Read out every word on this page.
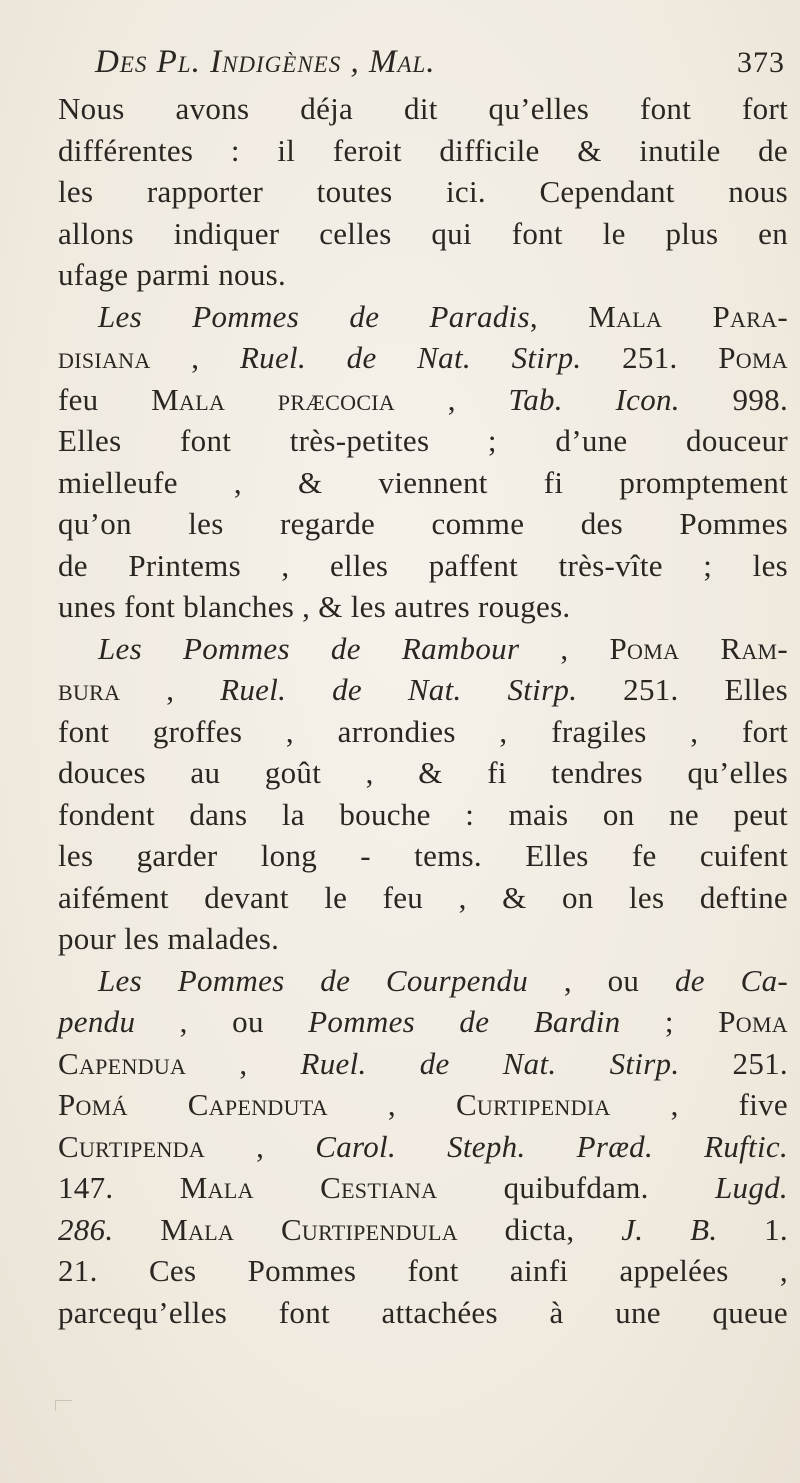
Des Pl. Indigènes , Mal.	373
Nous avons déja dit qu’elles font fort
différentes : il feroit difficile & inutile de
les rapporter toutes ici. Cependant nous
allons indiquer celles qui font le plus en
ufage parmi nous.
Les Pommes de Paradis, Mala Para-
disiana , Ruel. de Nat. Stirp. 251. Poma
feu Mala præcocia , Tab. Icon. 998.
Elles font très-petites ; d’une douceur
mielleufe , & viennent fi promptement
qu’on les regarde comme des Pommes
de Printems , elles paffent très-vîte ; les
unes font blanches , & les autres rouges.
Les Pommes de Rambour , Poma Ram-
bura , Ruel. de Nat. Stirp. 251. Elles
font groffes , arrondies , fragiles , fort
douces au goût , & fi tendres qu’elles
fondent dans la bouche : mais on ne peut
les garder long - tems. Elles fe cuifent
aifément devant le feu , & on les deftine
pour les malades.
Les Pommes de Courpendu , ou de Ca-
pendu , ou Pommes de Bardin ; Poma
Capendua , Ruel. de Nat. Stirp. 251.
Pomá Capenduta , Curtipendia , five
Curtipenda , Carol. Steph. Præd. Ruftic.
147. Mala Cestiana quibufdam. Lugd.
286. Mala Curtipendula dicta, J. B. 1.
21. Ces Pommes font ainfi appelées ,
parcequ’elles font attachées à une queue
